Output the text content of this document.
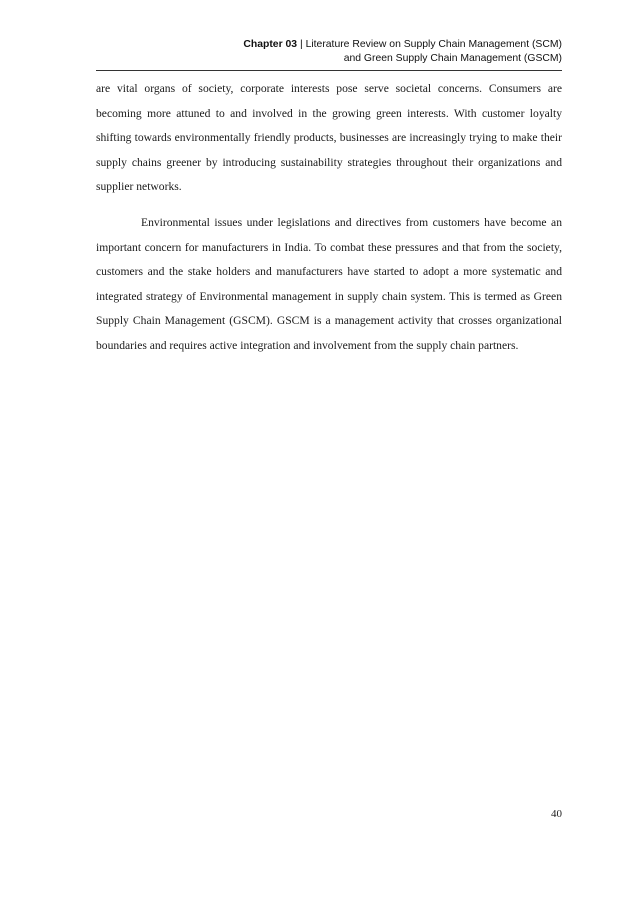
Chapter 03 | Literature Review on Supply Chain Management (SCM)
and Green Supply Chain Management (GSCM)

are vital organs of society, corporate interests pose serve societal concerns. Consumers are becoming more attuned to and involved in the growing green interests. With customer loyalty shifting towards environmentally friendly products, businesses are increasingly trying to make their supply chains greener by introducing sustainability strategies throughout their organizations and supplier networks.

Environmental issues under legislations and directives from customers have become an important concern for manufacturers in India. To combat these pressures and that from the society, customers and the stake holders and manufacturers have started to adopt a more systematic and integrated strategy of Environmental management in supply chain system. This is termed as Green Supply Chain Management (GSCM). GSCM is a management activity that crosses organizational boundaries and requires active integration and involvement from the supply chain partners.

40
